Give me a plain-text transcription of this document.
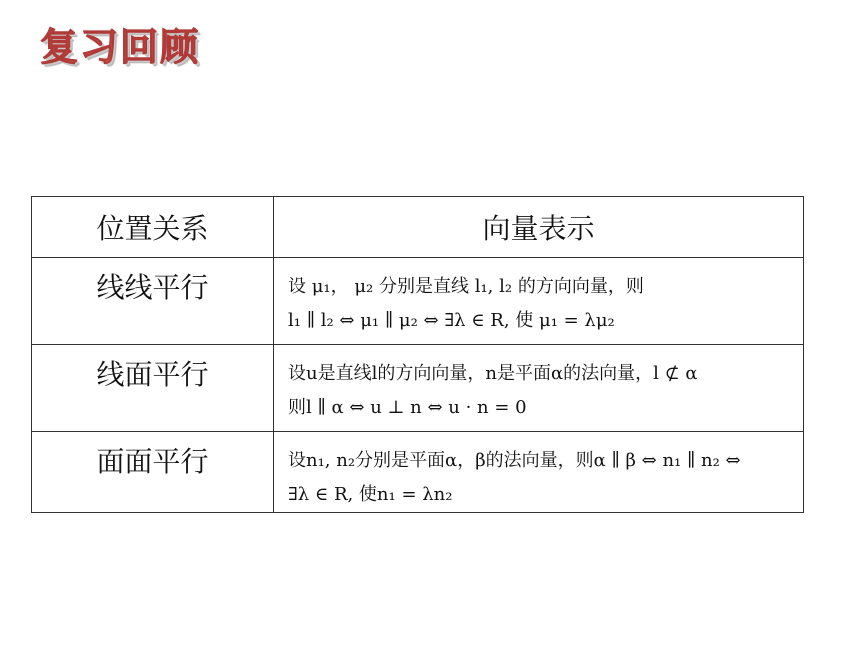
复习回顾
位置关系	向量表示
线线平行	设 μ₁， μ₂ 分别是直线 l₁, l₂ 的方向向量，则
l₁ ∥ l₂ ⇔ μ₁ ∥ μ₂ ⇔ ∃λ ∈ R, 使 μ₁ = λμ₂

线面平行	设u是直线l的方向向量，n是平面α的法向量，l ⊄ α
则l ∥ α ⇔ u ⊥ n ⇔ u · n = 0

面面平行	设n₁, n₂分别是平面α，β的法向量，则α ∥ β ⇔ n₁ ∥ n₂ ⇔
∃λ ∈ R, 使n₁ = λn₂
